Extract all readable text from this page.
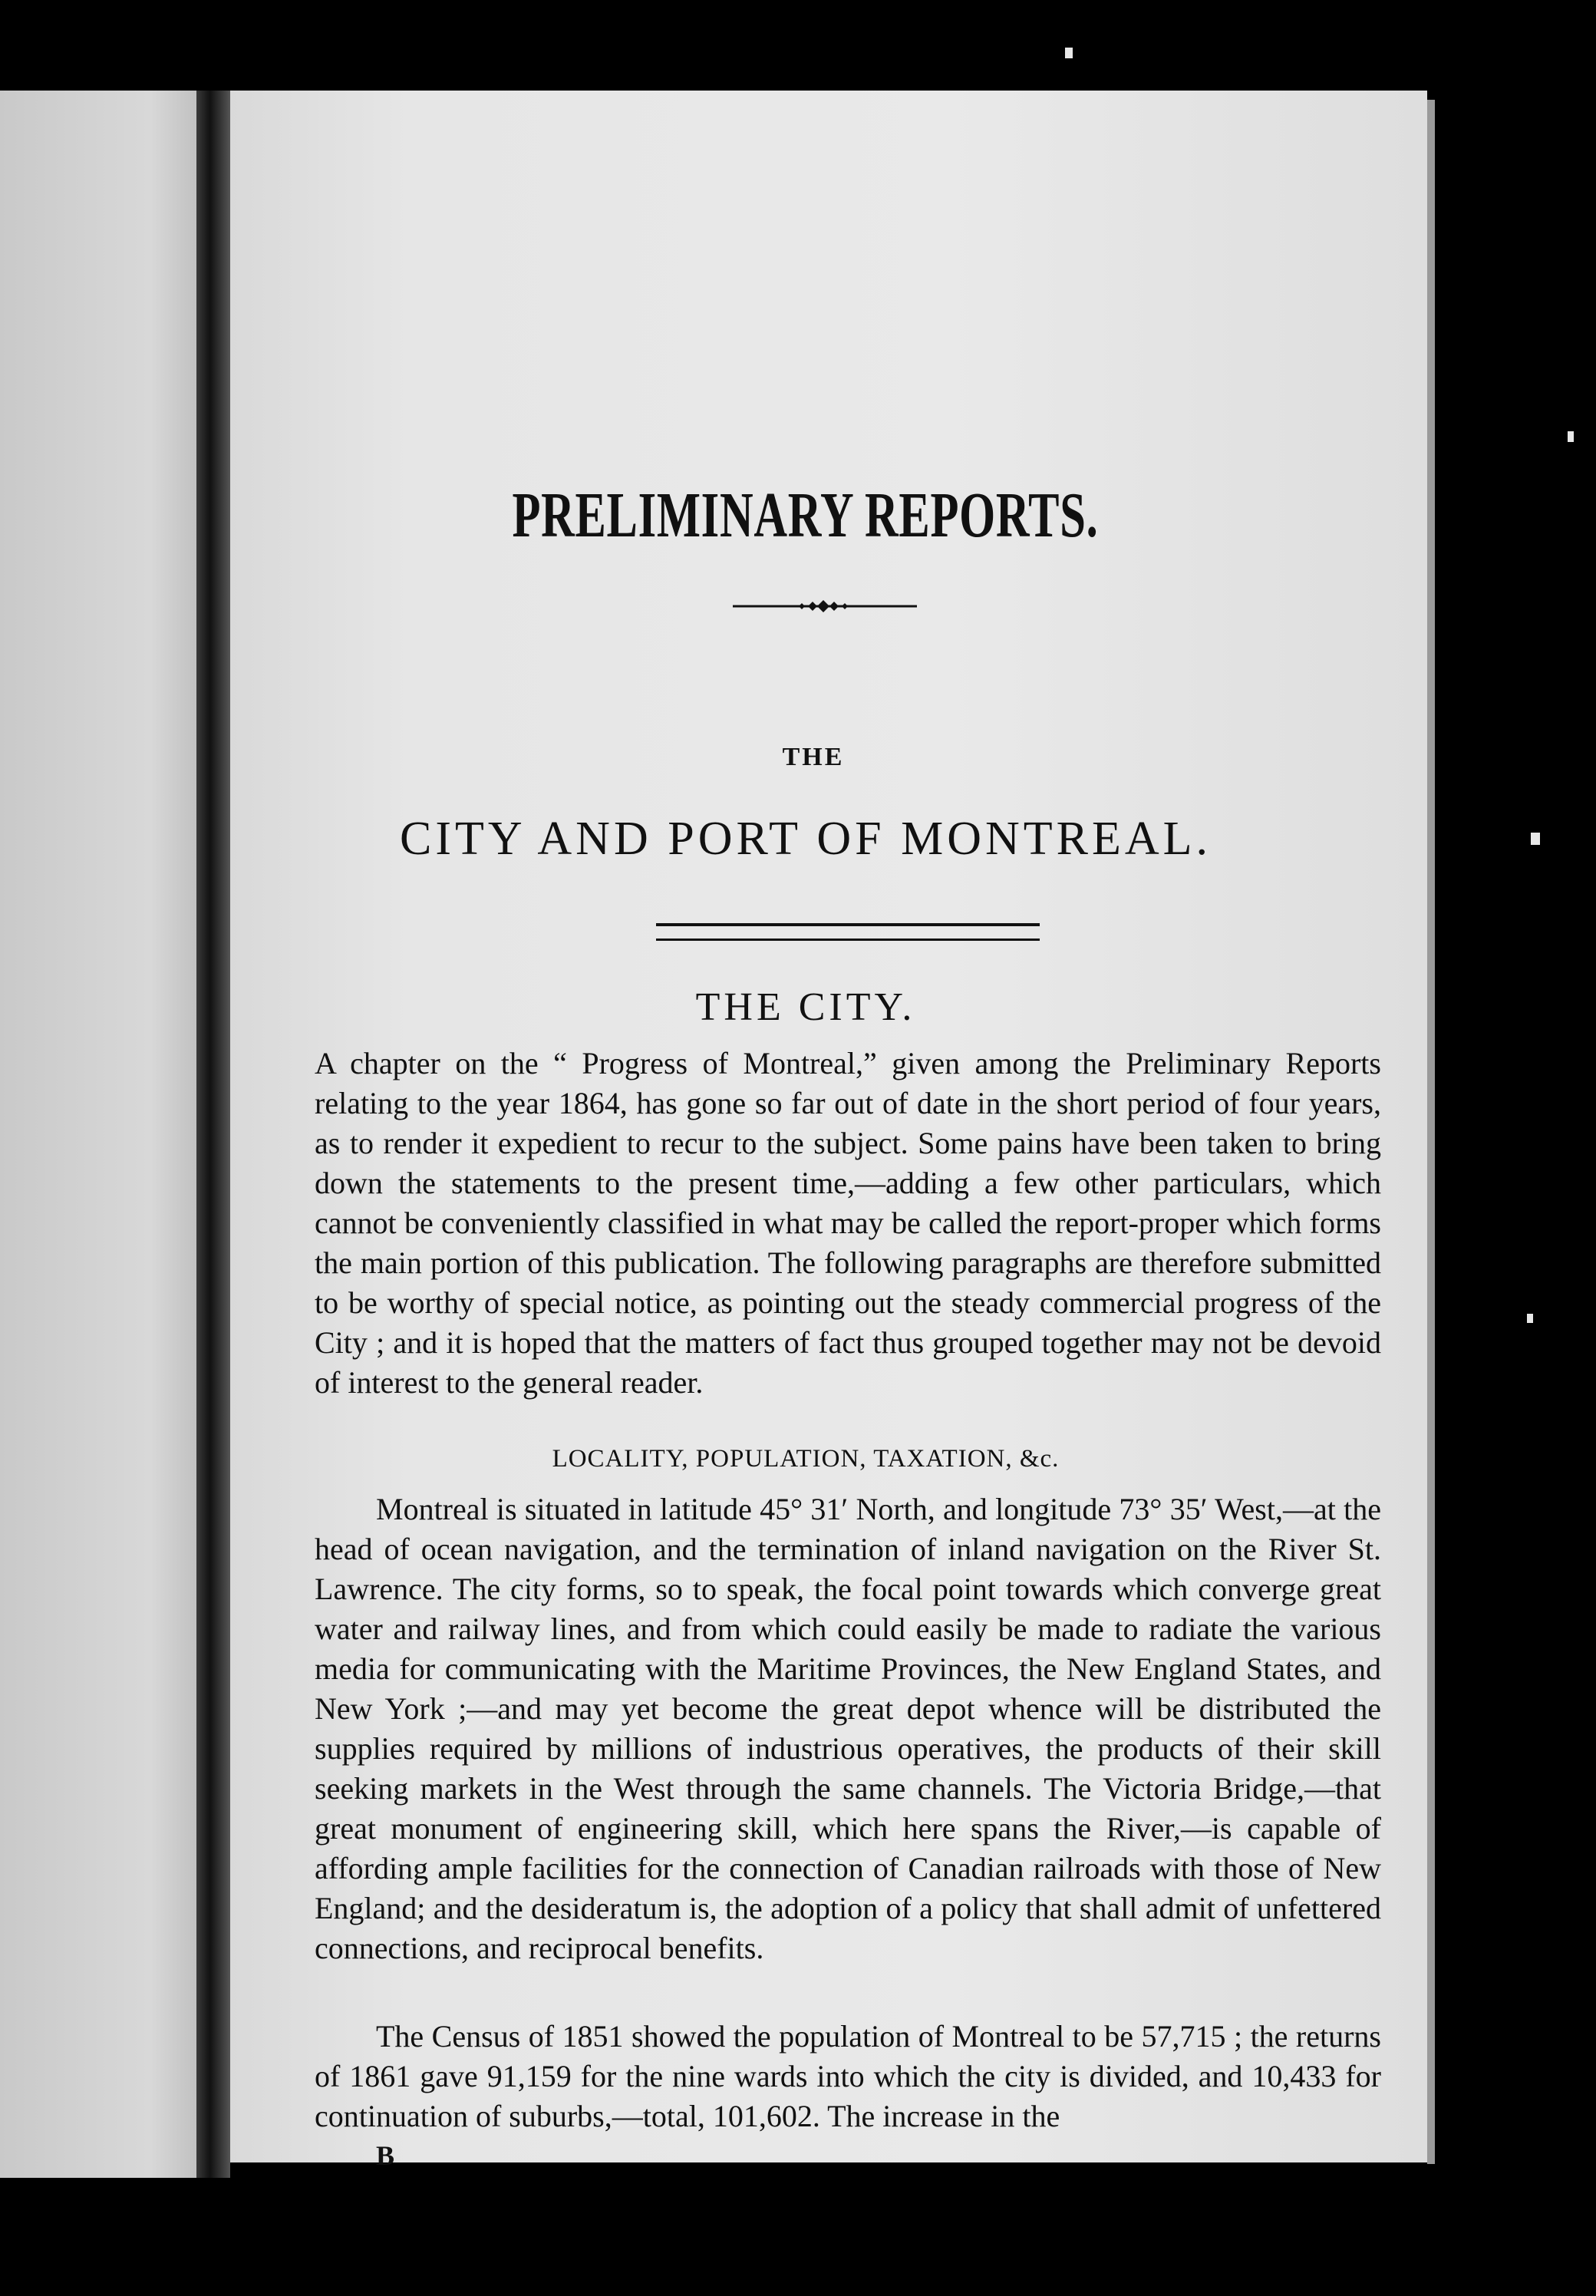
PRELIMINARY REPORTS.
THE
CITY AND PORT OF MONTREAL.
THE CITY.

A chapter on the “ Progress of Montreal,” given among the Preliminary Reports relating to the year 1864, has gone so far out of date in the short period of four years, as to render it expedient to recur to the subject. Some pains have been taken to bring down the statements to the present time,—adding a few other particulars, which cannot be conveniently classified in what may be called the report-proper which forms the main portion of this publication. The following paragraphs are therefore submitted to be worthy of special notice, as pointing out the steady commercial progress of the City ; and it is hoped that the matters of fact thus grouped together may not be devoid of interest to the general reader.

LOCALITY, POPULATION, TAXATION, &c.

Montreal is situated in latitude 45° 31′ North, and longitude 73° 35′ West,—at the head of ocean navigation, and the termination of inland navigation on the River St. Lawrence. The city forms, so to speak, the focal point towards which converge great water and railway lines, and from which could easily be made to radiate the various media for communicating with the Maritime Provinces, the New England States, and New York ;—and may yet become the great depot whence will be distributed the supplies required by millions of industrious operatives, the products of their skill seeking markets in the West through the same channels. The Victoria Bridge,—that great monument of engineering skill, which here spans the River,—is capable of affording ample facilities for the connection of Canadian railroads with those of New England; and the desideratum is, the adoption of a policy that shall admit of unfettered connections, and reciprocal benefits.

The Census of 1851 showed the population of Montreal to be 57,715 ; the returns of 1861 gave 91,159 for the nine wards into which the city is divided, and 10,433 for continuation of suburbs,—total, 101,602. The increase in the

B
